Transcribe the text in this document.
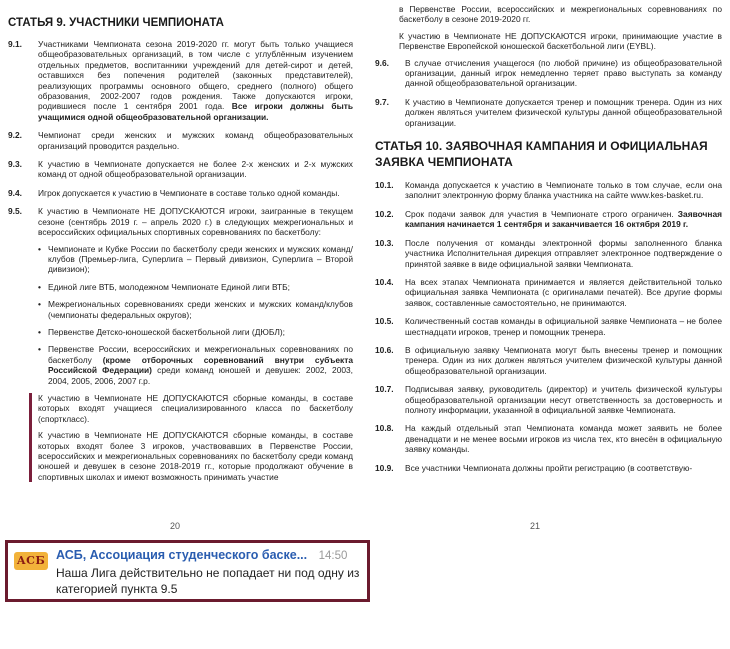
СТАТЬЯ 9. УЧАСТНИКИ ЧЕМПИОНАТА
9.1.	Участниками Чемпионата сезона 2019-2020 гг. могут быть только учащиеся общеобразовательных организаций, в том числе с углублённым изучением отдельных предметов, воспитанники учреждений для детей-сирот и детей, оставшихся без попечения родителей (законных представителей), реализующих программы основного общего, среднего (полного) общего образования, 2002-2007 годов рождения. Также допускаются игроки, родившиеся после 1 сентября 2001 года. Все игроки должны быть учащимися одной общеобразовательной организации.
9.2.	Чемпионат среди женских и мужских команд общеобразовательных организаций проводится раздельно.
9.3.	К участию в Чемпионате допускается не более 2-х женских и 2-х мужских команд от одной общеобразовательной организации.
9.4.	Игрок допускается к участию в Чемпионате в составе только одной команды.
9.5.	К участию в Чемпионате НЕ ДОПУСКАЮТСЯ игроки, заигранные в текущем сезоне (сентябрь 2019 г. – апрель 2020 г.) в следующих межрегиональных и всероссийских официальных спортивных соревнованиях по баскетболу:

• Чемпионате и Кубке России по баскетболу среди женских и мужских команд/ клубов (Премьер-лига, Суперлига – Первый дивизион, Суперлига – Второй дивизион);
• Единой лиге ВТБ, молодежном Чемпионате Единой лиги ВТБ;
• Межрегиональных соревнованиях среди женских и мужских команд/клубов (чемпионаты федеральных округов);
• Первенстве Детско-юношеской баскетбольной лиги (ДЮБЛ);
• Первенстве России, всероссийских и межрегиональных соревнованиях по баскетболу (кроме отборочных соревнований внутри субъекта Российской Федерации) среди команд юношей и девушек: 2002, 2003, 2004, 2005, 2006, 2007 г.р.

К участию в Чемпионате НЕ ДОПУСКАЮТСЯ сборные команды, в составе которых входят учащиеся специализированного класса по баскетболу (спорткласс).

К участию в Чемпионате НЕ ДОПУСКАЮТСЯ сборные команды, в составе которых входят более 3 игроков, участвовавших в Первенстве России, всероссийских и межрегиональных соревнованиях по баскетболу среди команд юношей и девушек в сезоне 2018-2019 гг., которые продолжают обучение в спортивных школах и имеют возможность принимать участие

20

в Первенстве России, всероссийских и межрегиональных соревнованиях по баскетболу в сезоне 2019-2020 гг.

К участию в Чемпионате НЕ ДОПУСКАЮТСЯ игроки, принимающие участие в Первенстве Европейской юношеской баскетбольной лиги (EYBL).

9.6.	В случае отчисления учащегося (по любой причине) из общеобразовательной организации, данный игрок немедленно теряет право выступать за команду данной общеобразовательной организации.
9.7.	К участию в Чемпионате допускается тренер и помощник тренера. Один из них должен являться учителем физической культуры данной общеобразовательной организации.
СТАТЬЯ 10. ЗАЯВОЧНАЯ КАМПАНИЯ И ОФИЦИАЛЬНАЯ ЗАЯВКА ЧЕМПИОНАТА
10.1.	Команда допускается к участию в Чемпионате только в том случае, если она заполнит электронную форму бланка участника на сайте www.kes-basket.ru.
10.2.	Срок подачи заявок для участия в Чемпионате строго ограничен. Заявочная кампания начинается 1 сентября и заканчивается 16 октября 2019 г.
10.3.	После получения от команды электронной формы заполненного бланка участника Исполнительная дирекция отправляет электронное подтверждение о принятой заявке в виде официальной заявки Чемпионата.
10.4.	На всех этапах Чемпионата принимается и является действительной только официальная заявка Чемпионата (с оригиналами печатей). Все другие формы заявок, составленные самостоятельно, не принимаются.
10.5.	Количественный состав команды в официальной заявке Чемпионата – не более шестнадцати игроков, тренер и помощник тренера.
10.6.	В официальную заявку Чемпионата могут быть внесены тренер и помощник тренера. Один из них должен являться учителем физической культуры данной общеобразовательной организации.
10.7.	Подписывая заявку, руководитель (директор) и учитель физической культуры общеобразовательной организации несут ответственность за достоверность и полноту информации, указанной в официальной заявке Чемпионата.
10.8.	На каждый отдельный этап Чемпионата команда может заявить не более двенадцати и не менее восьми игроков из числа тех, кто внесён в официальную заявку команды.
10.9.	Все участники Чемпионата должны пройти регистрацию (в соответствую-
21
АСБ АСБ, Ассоциация студенческого баске... 14:50
Наша Лига действительно не попадает ни под одну из категорией пункта 9.5
